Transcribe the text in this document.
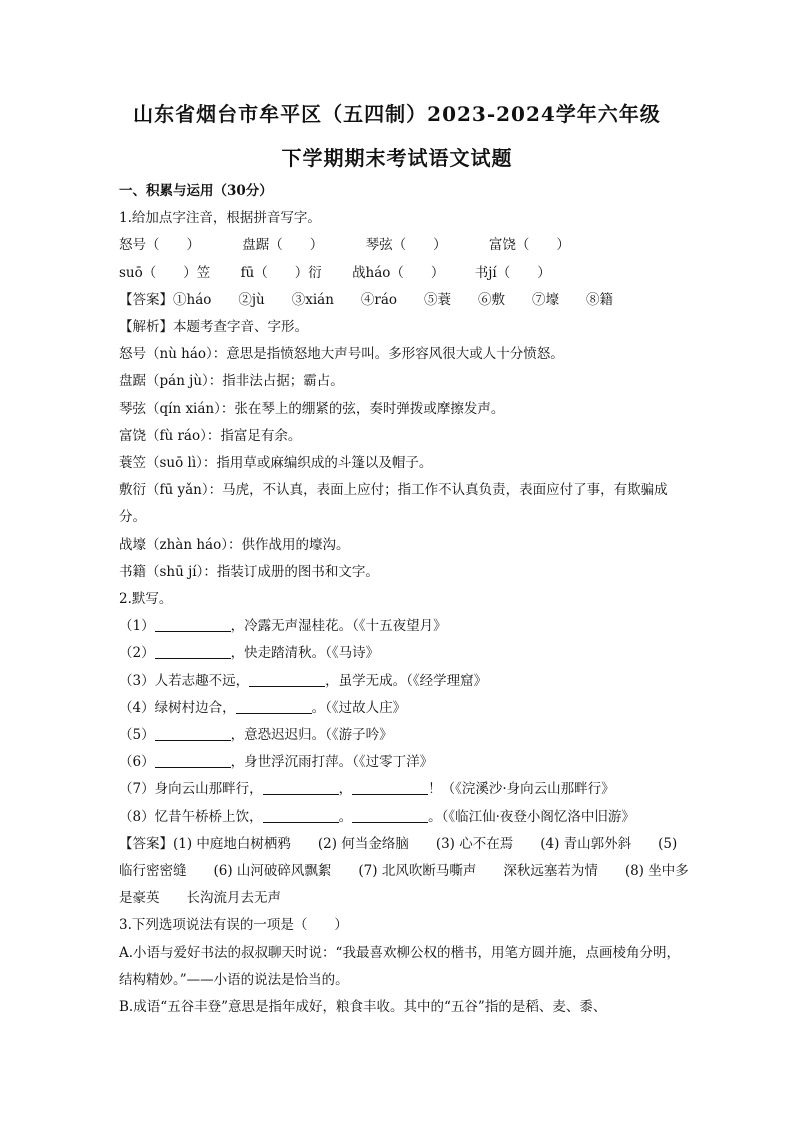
山东省烟台市牟平区（五四制）2023-2024学年六年级
下学期期末考试语文试题
一、积累与运用（30分）
1.给加点字注音，根据拼音写字。
怒号（　　）	盘踞（　　）	琴弦（　　）	富饶（　　）
suō（　　）笠 fū（　　）衍 战háo（　　） 书jí（　　）
【答案】①háo　　②jù　　③xián　　④ráo　　⑤蓑　　⑥敷　　⑦壕　　⑧籍
【解析】本题考查字音、字形。
怒号（nù háo）：意思是指愤怒地大声号叫。多形容风很大或人十分愤怒。
盘踞（pán jù）：指非法占据；霸占。
琴弦（qín xián）：张在琴上的绷紧的弦，奏时弹拨或摩擦发声。
富饶（fù ráo）：指富足有余。
蓑笠（suō lì）：指用草或麻编织成的斗篷以及帽子。
敷衍（fū yǎn）：马虎，不认真，表面上应付；指工作不认真负责，表面应付了事，有欺骗成分。
战壕（zhàn háo）：供作战用的壕沟。
书籍（shū jí）：指装订成册的图书和文字。
2.默写。
（1）	，冷露无声湿桂花。（《十五夜望月》
（2）	，快走踏清秋。（《马诗》
（3）人若志趣不远，	，虽学无成。（《经学理窟》
（4）绿树村边合，	。（《过故人庄》
（5）	，意恐迟迟归。（《游子吟》
（6）	，身世浮沉雨打萍。（《过零丁洋》
（7）身向云山那畔行，	，	！（《浣溪沙·身向云山那畔行》
（8）忆昔午桥桥上饮，	。	。（《临江仙·夜登小阁忆洛中旧游》
【答案】(1) 中庭地白树栖鸦　　(2) 何当金络脑　　(3) 心不在焉　　(4) 青山郭外斜　　(5) 临行密密缝　　(6) 山河破碎风飘絮　　(7) 北风吹断马嘶声　　深秋远塞若为情　　(8) 坐中多是豪英　　长沟流月去无声
3.下列选项说法有误的一项是（　　）
A.小语与爱好书法的叔叔聊天时说：“我最喜欢柳公权的楷书，用笔方圆并施，点画棱角分明，结构精妙。”——小语的说法是恰当的。
B.成语“五谷丰登”意思是指年成好，粮食丰收。其中的“五谷”指的是稻、麦、黍、
